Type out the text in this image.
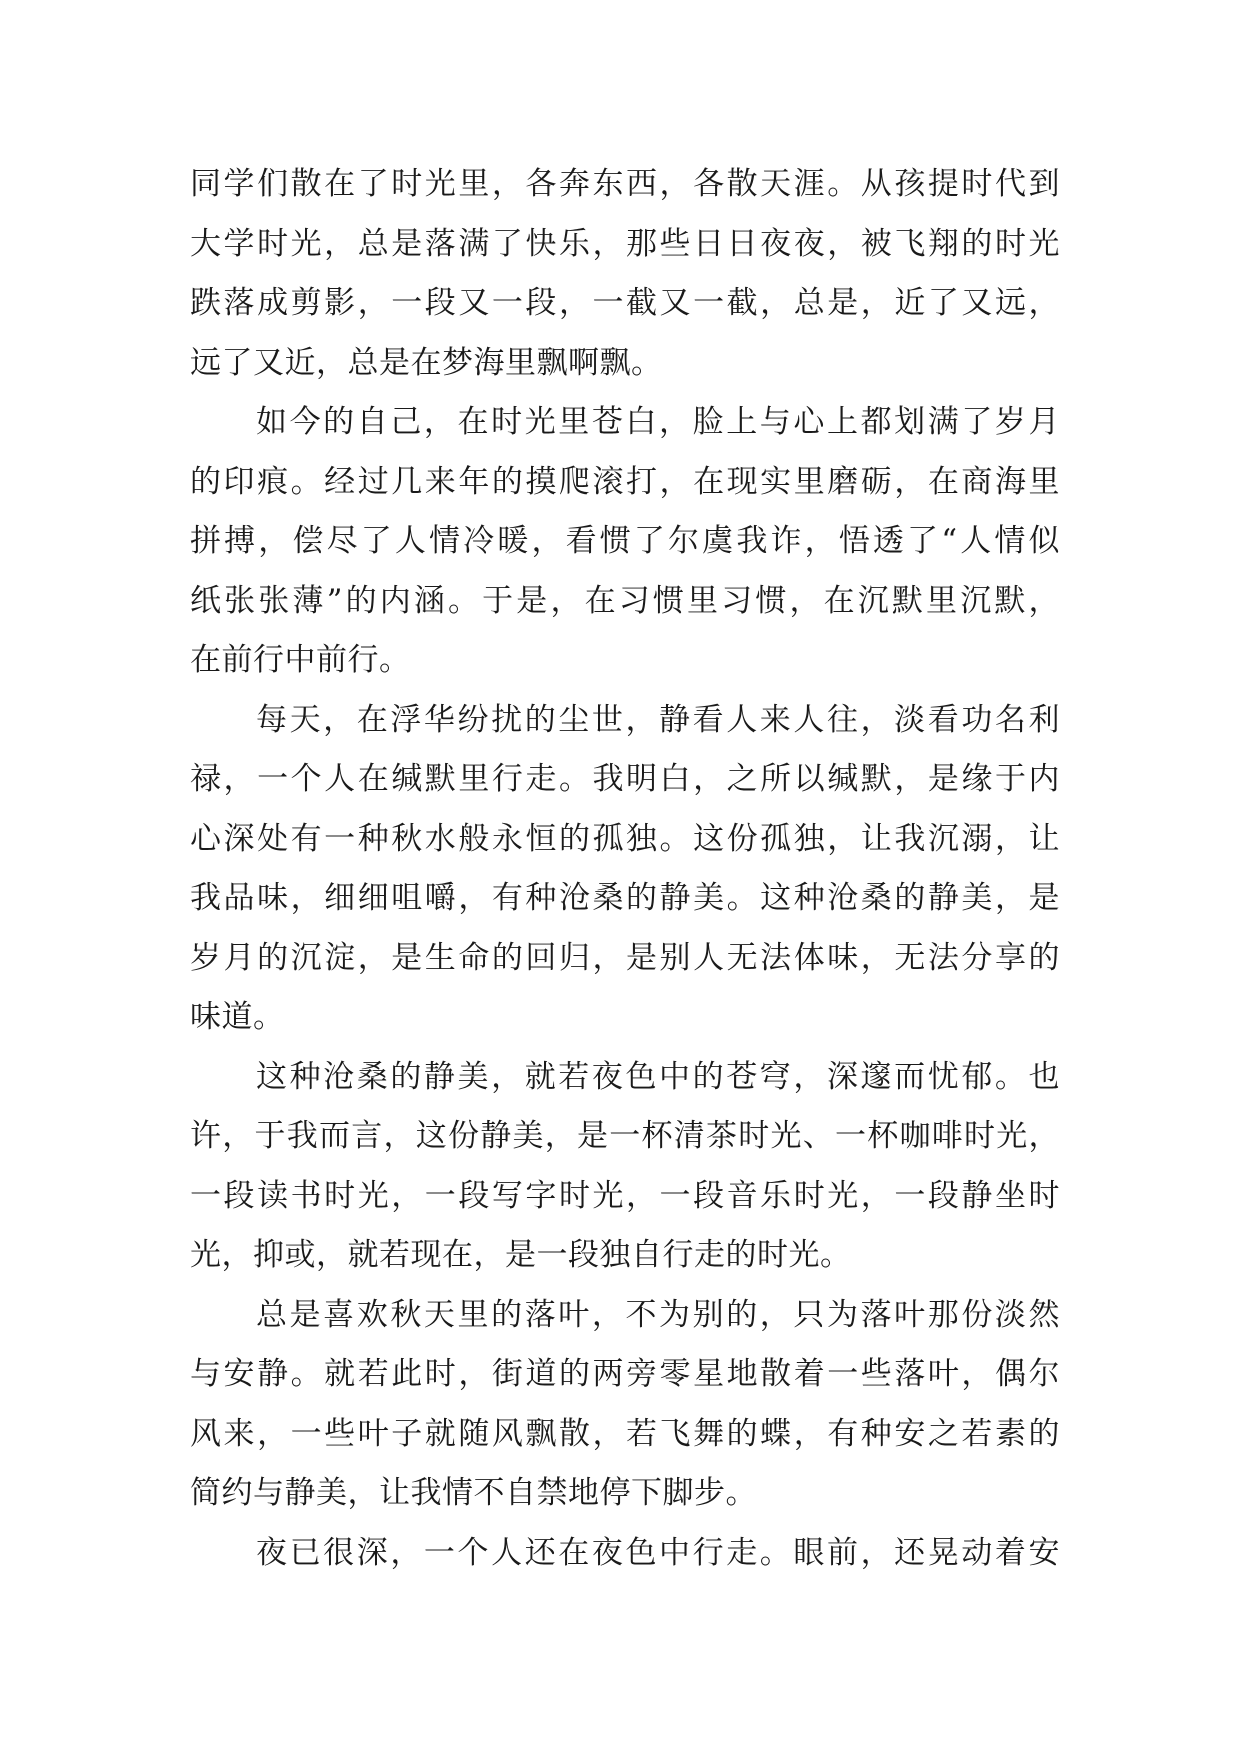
同学们散在了时光里，各奔东西，各散天涯。从孩提时代到
大学时光，总是落满了快乐，那些日日夜夜，被飞翔的时光
跌落成剪影，一段又一段，一截又一截，总是，近了又远，
远了又近，总是在梦海里飘啊飘。
如今的自己，在时光里苍白，脸上与心上都划满了岁月
的印痕。经过几来年的摸爬滚打，在现实里磨砺，在商海里
拼搏，偿尽了人情冷暖，看惯了尔虞我诈，悟透了“人情似
纸张张薄”的内涵。于是，在习惯里习惯，在沉默里沉默，
在前行中前行。
每天，在浮华纷扰的尘世，静看人来人往，淡看功名利
禄，一个人在缄默里行走。我明白，之所以缄默，是缘于内
心深处有一种秋水般永恒的孤独。这份孤独，让我沉溺，让
我品味，细细咀嚼，有种沧桑的静美。这种沧桑的静美，是
岁月的沉淀，是生命的回归，是别人无法体味，无法分享的
味道。
这种沧桑的静美，就若夜色中的苍穹，深邃而忧郁。也
许，于我而言，这份静美，是一杯清茶时光、一杯咖啡时光，
一段读书时光，一段写字时光，一段音乐时光，一段静坐时
光，抑或，就若现在，是一段独自行走的时光。
总是喜欢秋天里的落叶，不为别的，只为落叶那份淡然
与安静。就若此时，街道的两旁零星地散着一些落叶，偶尔
风来，一些叶子就随风飘散，若飞舞的蝶，有种安之若素的
简约与静美，让我情不自禁地停下脚步。
夜已很深，一个人还在夜色中行走。眼前，还晃动着安
